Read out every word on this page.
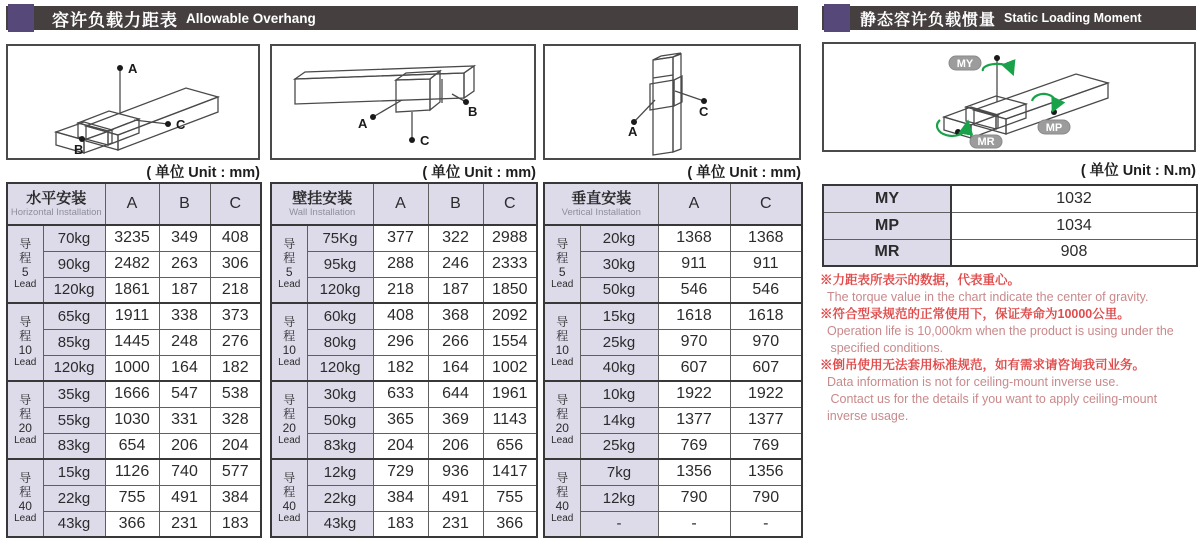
容许负载力距表 Allowable Overhang	静态容许负载惯量 Static Loading Moment
A
C
B
A
B
C
A
C
MY
MP
MR
( 单位 Unit : mm)	( 单位 Unit : mm)	( 单位 Unit : mm)	( 单位 Unit : N.m)
水平安装
Horizontal Installation		A	B	C

导
程
5
Lead	70kg	3235	349	408
	90kg	2482	263	306
	120kg	1861	187	218

导
程
10
Lead	65kg	1911	338	373
	85kg	1445	248	276
	120kg	1000	164	182

导
程
20
Lead	35kg	1666	547	538
	55kg	1030	331	328
	83kg	654	206	204

导
程
40
Lead	15kg	1126	740	577
	22kg	755	491	384
	43kg	366	231	183
壁挂安装
Wall Installation		A	B	C

导
程
5
Lead	75Kg	377	322	2988
	95kg	288	246	2333
	120kg	218	187	1850

导
程
10
Lead	60kg	408	368	2092
	80kg	296	266	1554
	120kg	182	164	1002

导
程
20
Lead	30kg	633	644	1961
	50kg	365	369	1143
	83kg	204	206	656

导
程
40
Lead	12kg	729	936	1417
	22kg	384	491	755
	43kg	183	231	366
垂直安装
Vertical Installation		A	C

导
程
5
Lead	20kg	1368	1368
	30kg	911	911
	50kg	546	546

导
程
10
Lead	15kg	1618	1618
	25kg	970	970
	40kg	607	607

导
程
20
Lead	10kg	1922	1922
	14kg	1377	1377
	25kg	769	769

导
程
40
Lead	7kg	1356	1356
	12kg	790	790
	-	-	-
MY	1032
MP	1034
MR	908
※力距表所表示的数据，代表重心。
The torque value in the chart indicate the center of gravity.
※符合型录规范的正常使用下，保证寿命为10000公里。
Operation life is 10,000km when the product is using under the
specified conditions.
※倒吊使用无法套用标准规范，如有需求请咨询我司业务。
Data information is not for ceiling-mount inverse use.
Contact us for the details if you want to apply ceiling-mount
inverse usage.
